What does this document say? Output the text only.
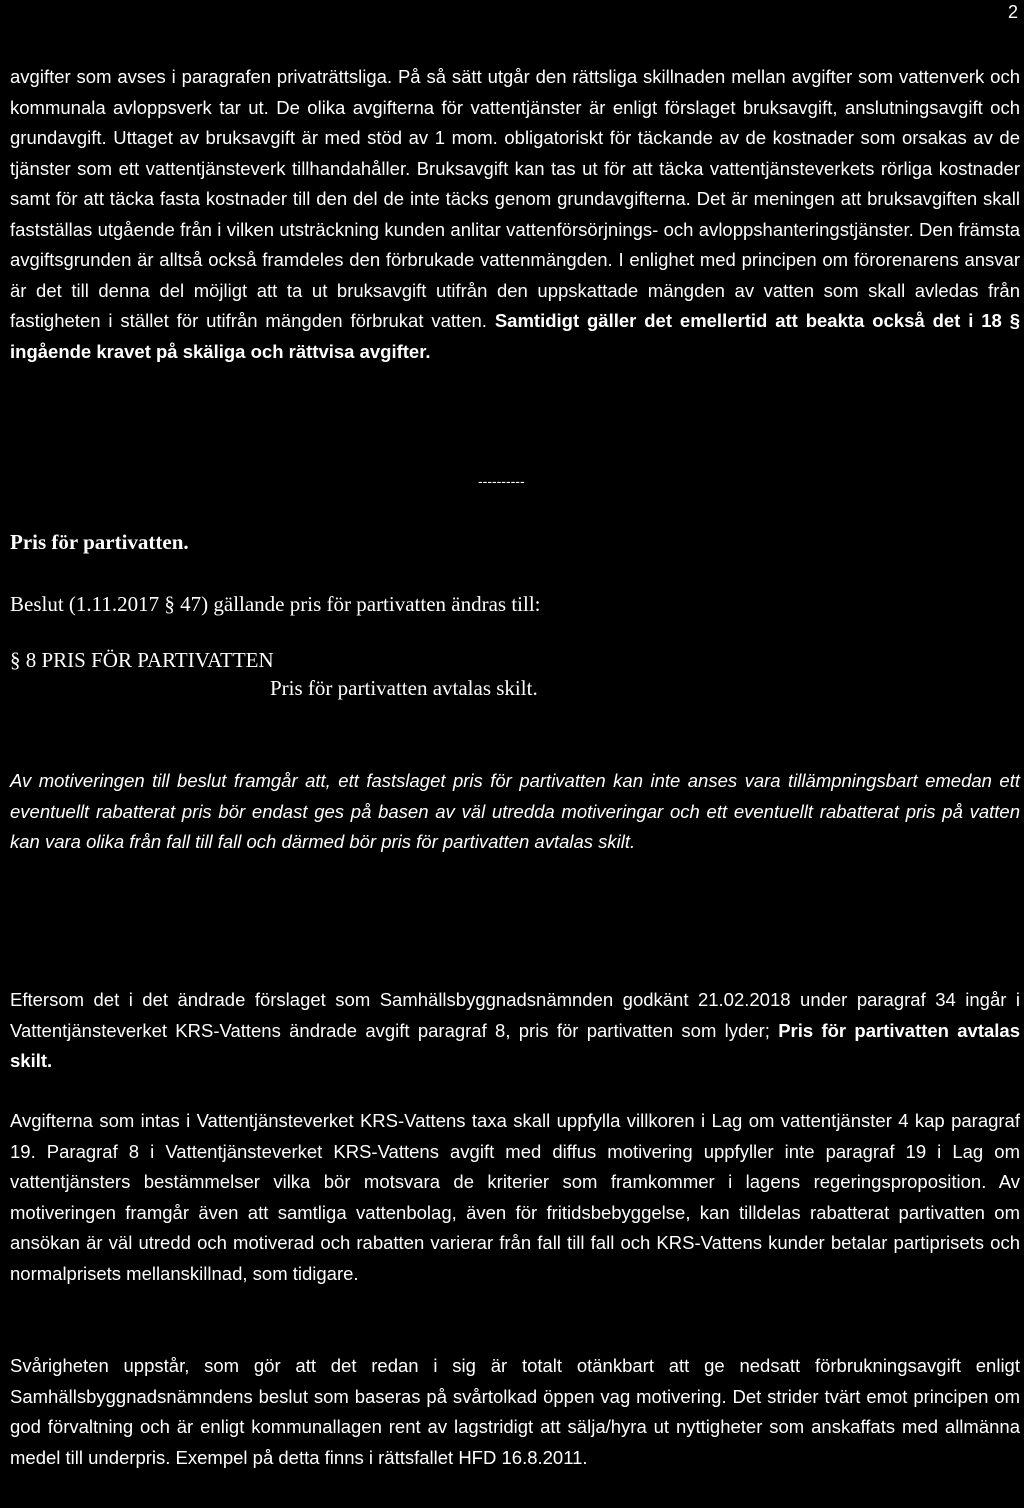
2

avgifter som avses i paragrafen privaträttsliga. På så sätt utgår den rättsliga skillnaden mellan avgifter som vattenverk och kommunala avloppsverk tar ut. De olika avgifterna för vattentjänster är enligt förslaget bruksavgift, anslutningsavgift och grundavgift. Uttaget av bruksavgift är med stöd av 1 mom. obligatoriskt för täckande av de kostnader som orsakas av de tjänster som ett vattentjänsteverk tillhandahåller. Bruksavgift kan tas ut för att täcka vattentjänsteverkets rörliga kostnader samt för att täcka fasta kostnader till den del de inte täcks genom grundavgifterna. Det är meningen att bruksavgiften skall fastställas utgående från i vilken utsträckning kunden anlitar vattenförsörjnings- och avloppshanteringstjänster. Den främsta avgiftsgrunden är alltså också framdeles den förbrukade vattenmängden. I enlighet med principen om förorenarens ansvar är det till denna del möjligt att ta ut bruksavgift utifrån den uppskattade mängden av vatten som skall avledas från fastigheten i stället för utifrån mängden förbrukat vatten. Samtidigt gäller det emellertid att beakta också det i 18 § ingående kravet på skäliga och rättvisa avgifter.

----------
Pris för partivatten.
Beslut (1.11.2017 § 47) gällande pris för partivatten ändras till:
§ 8 PRIS FÖR PARTIVATTEN
Pris för partivatten avtalas skilt.

Av motiveringen till beslut framgår att, ett fastslaget pris för partivatten kan inte anses vara tillämpningsbart emedan ett eventuellt rabatterat pris bör endast ges på basen av väl utredda motiveringar och ett eventuellt rabatterat pris på vatten kan vara olika från fall till fall och därmed bör pris för partivatten avtalas skilt.

Eftersom det i det ändrade förslaget som Samhällsbyggnadsnämnden godkänt 21.02.2018 under paragraf 34 ingår i Vattentjänsteverket KRS-Vattens ändrade avgift paragraf 8, pris för partivatten som lyder; Pris för partivatten avtalas skilt.

Avgifterna som intas i Vattentjänsteverket KRS-Vattens taxa skall uppfylla villkoren i Lag om vattentjänster 4 kap paragraf 19. Paragraf 8 i Vattentjänsteverket KRS-Vattens avgift med diffus motivering uppfyller inte paragraf 19 i Lag om vattentjänsters bestämmelser vilka bör motsvara de kriterier som framkommer i lagens regeringsproposition. Av motiveringen framgår även att samtliga vattenbolag, även för fritidsbebyggelse, kan tilldelas rabatterat partivatten om ansökan är väl utredd och motiverad och rabatten varierar från fall till fall och KRS-Vattens kunder betalar partiprisets och normalprisets mellanskillnad, som tidigare.

Svårigheten uppstår, som gör att det redan i sig är totalt otänkbart att ge nedsatt förbrukningsavgift enligt Samhällsbyggnadsnämndens beslut som baseras på svårtolkad öppen vag motivering. Det strider tvärt emot principen om god förvaltning och är enligt kommunallagen rent av lagstridigt att sälja/hyra ut nyttigheter som anskaffats med allmänna medel till underpris. Exempel på detta finns i rättsfallet HFD 16.8.2011.
